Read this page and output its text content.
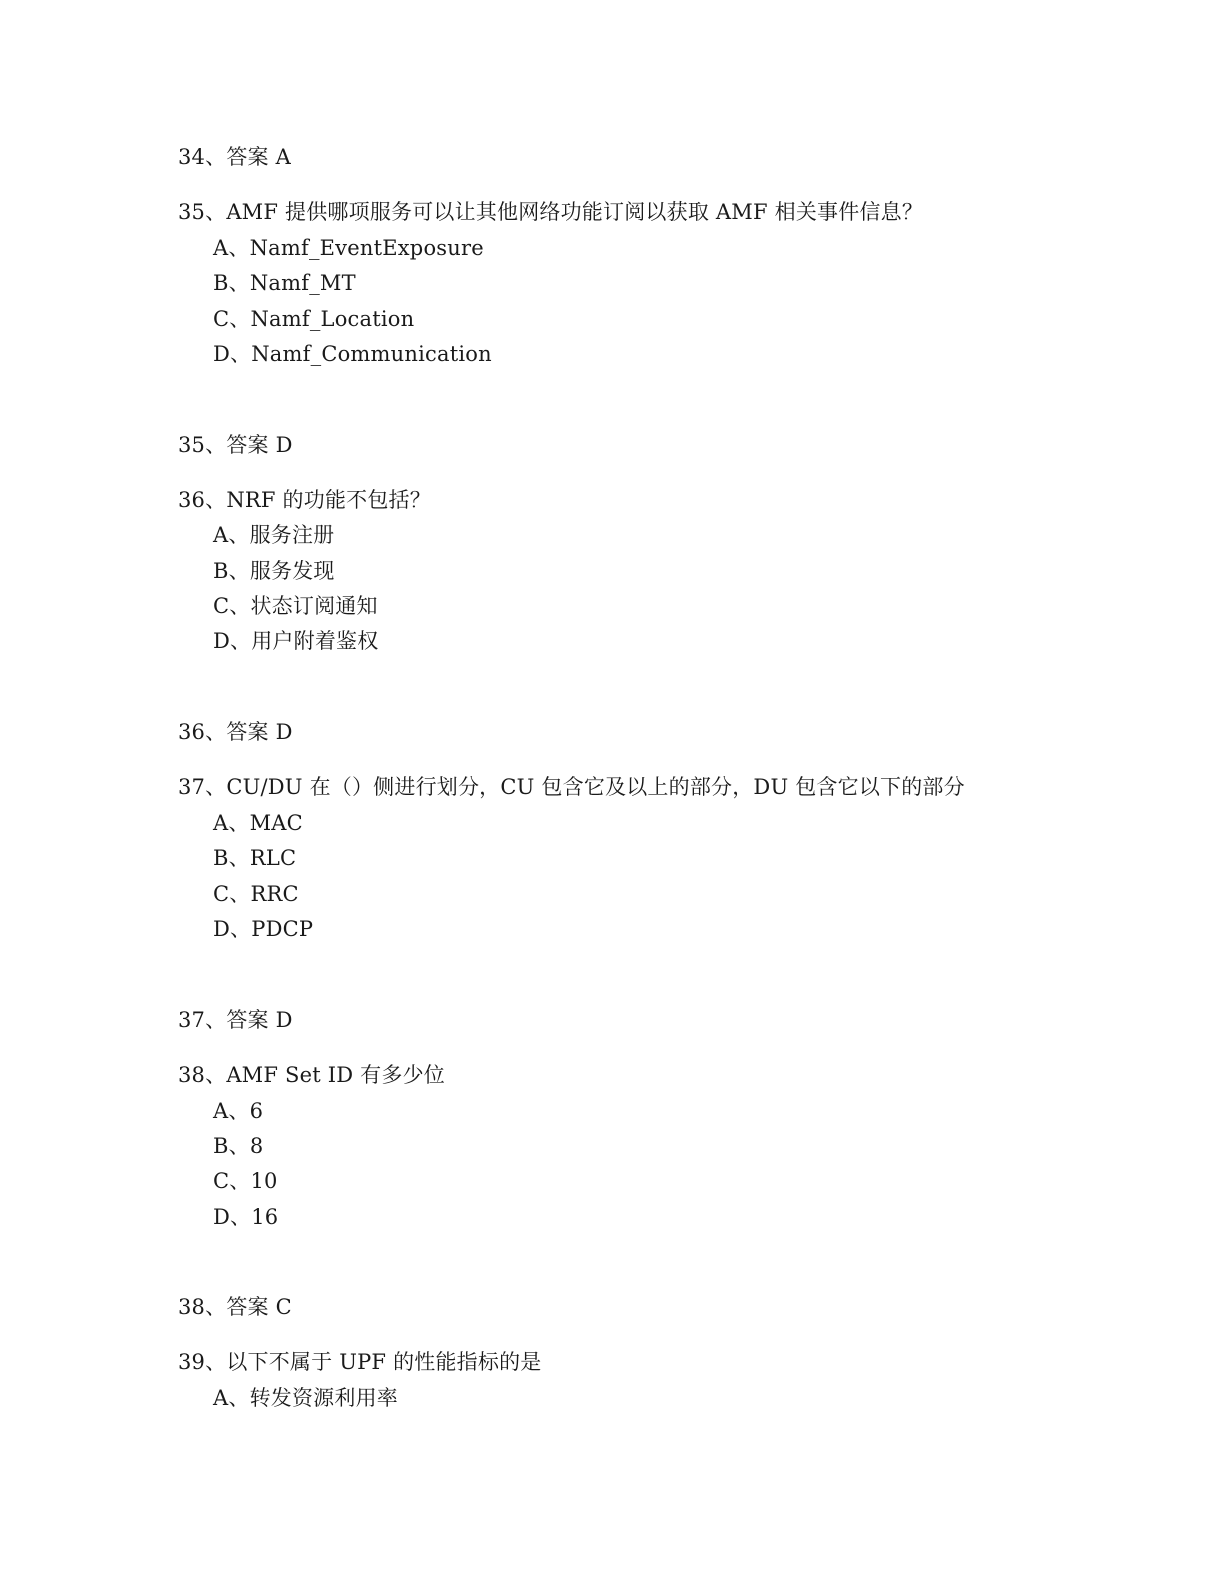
34、答案 A
35、AMF 提供哪项服务可以让其他网络功能订阅以获取 AMF 相关事件信息？
A、Namf_EventExposure
B、Namf_MT
C、Namf_Location
D、Namf_Communication
35、答案 D
36、NRF 的功能不包括？
A、服务注册
B、服务发现
C、状态订阅通知
D、用户附着鉴权
36、答案 D
37、CU/DU 在（）侧进行划分，CU 包含它及以上的部分，DU 包含它以下的部分
A、MAC
B、RLC
C、RRC
D、PDCP
37、答案 D
38、AMF Set ID 有多少位
A、6
B、8
C、10
D、16
38、答案 C
39、以下不属于 UPF 的性能指标的是
A、转发资源利用率
